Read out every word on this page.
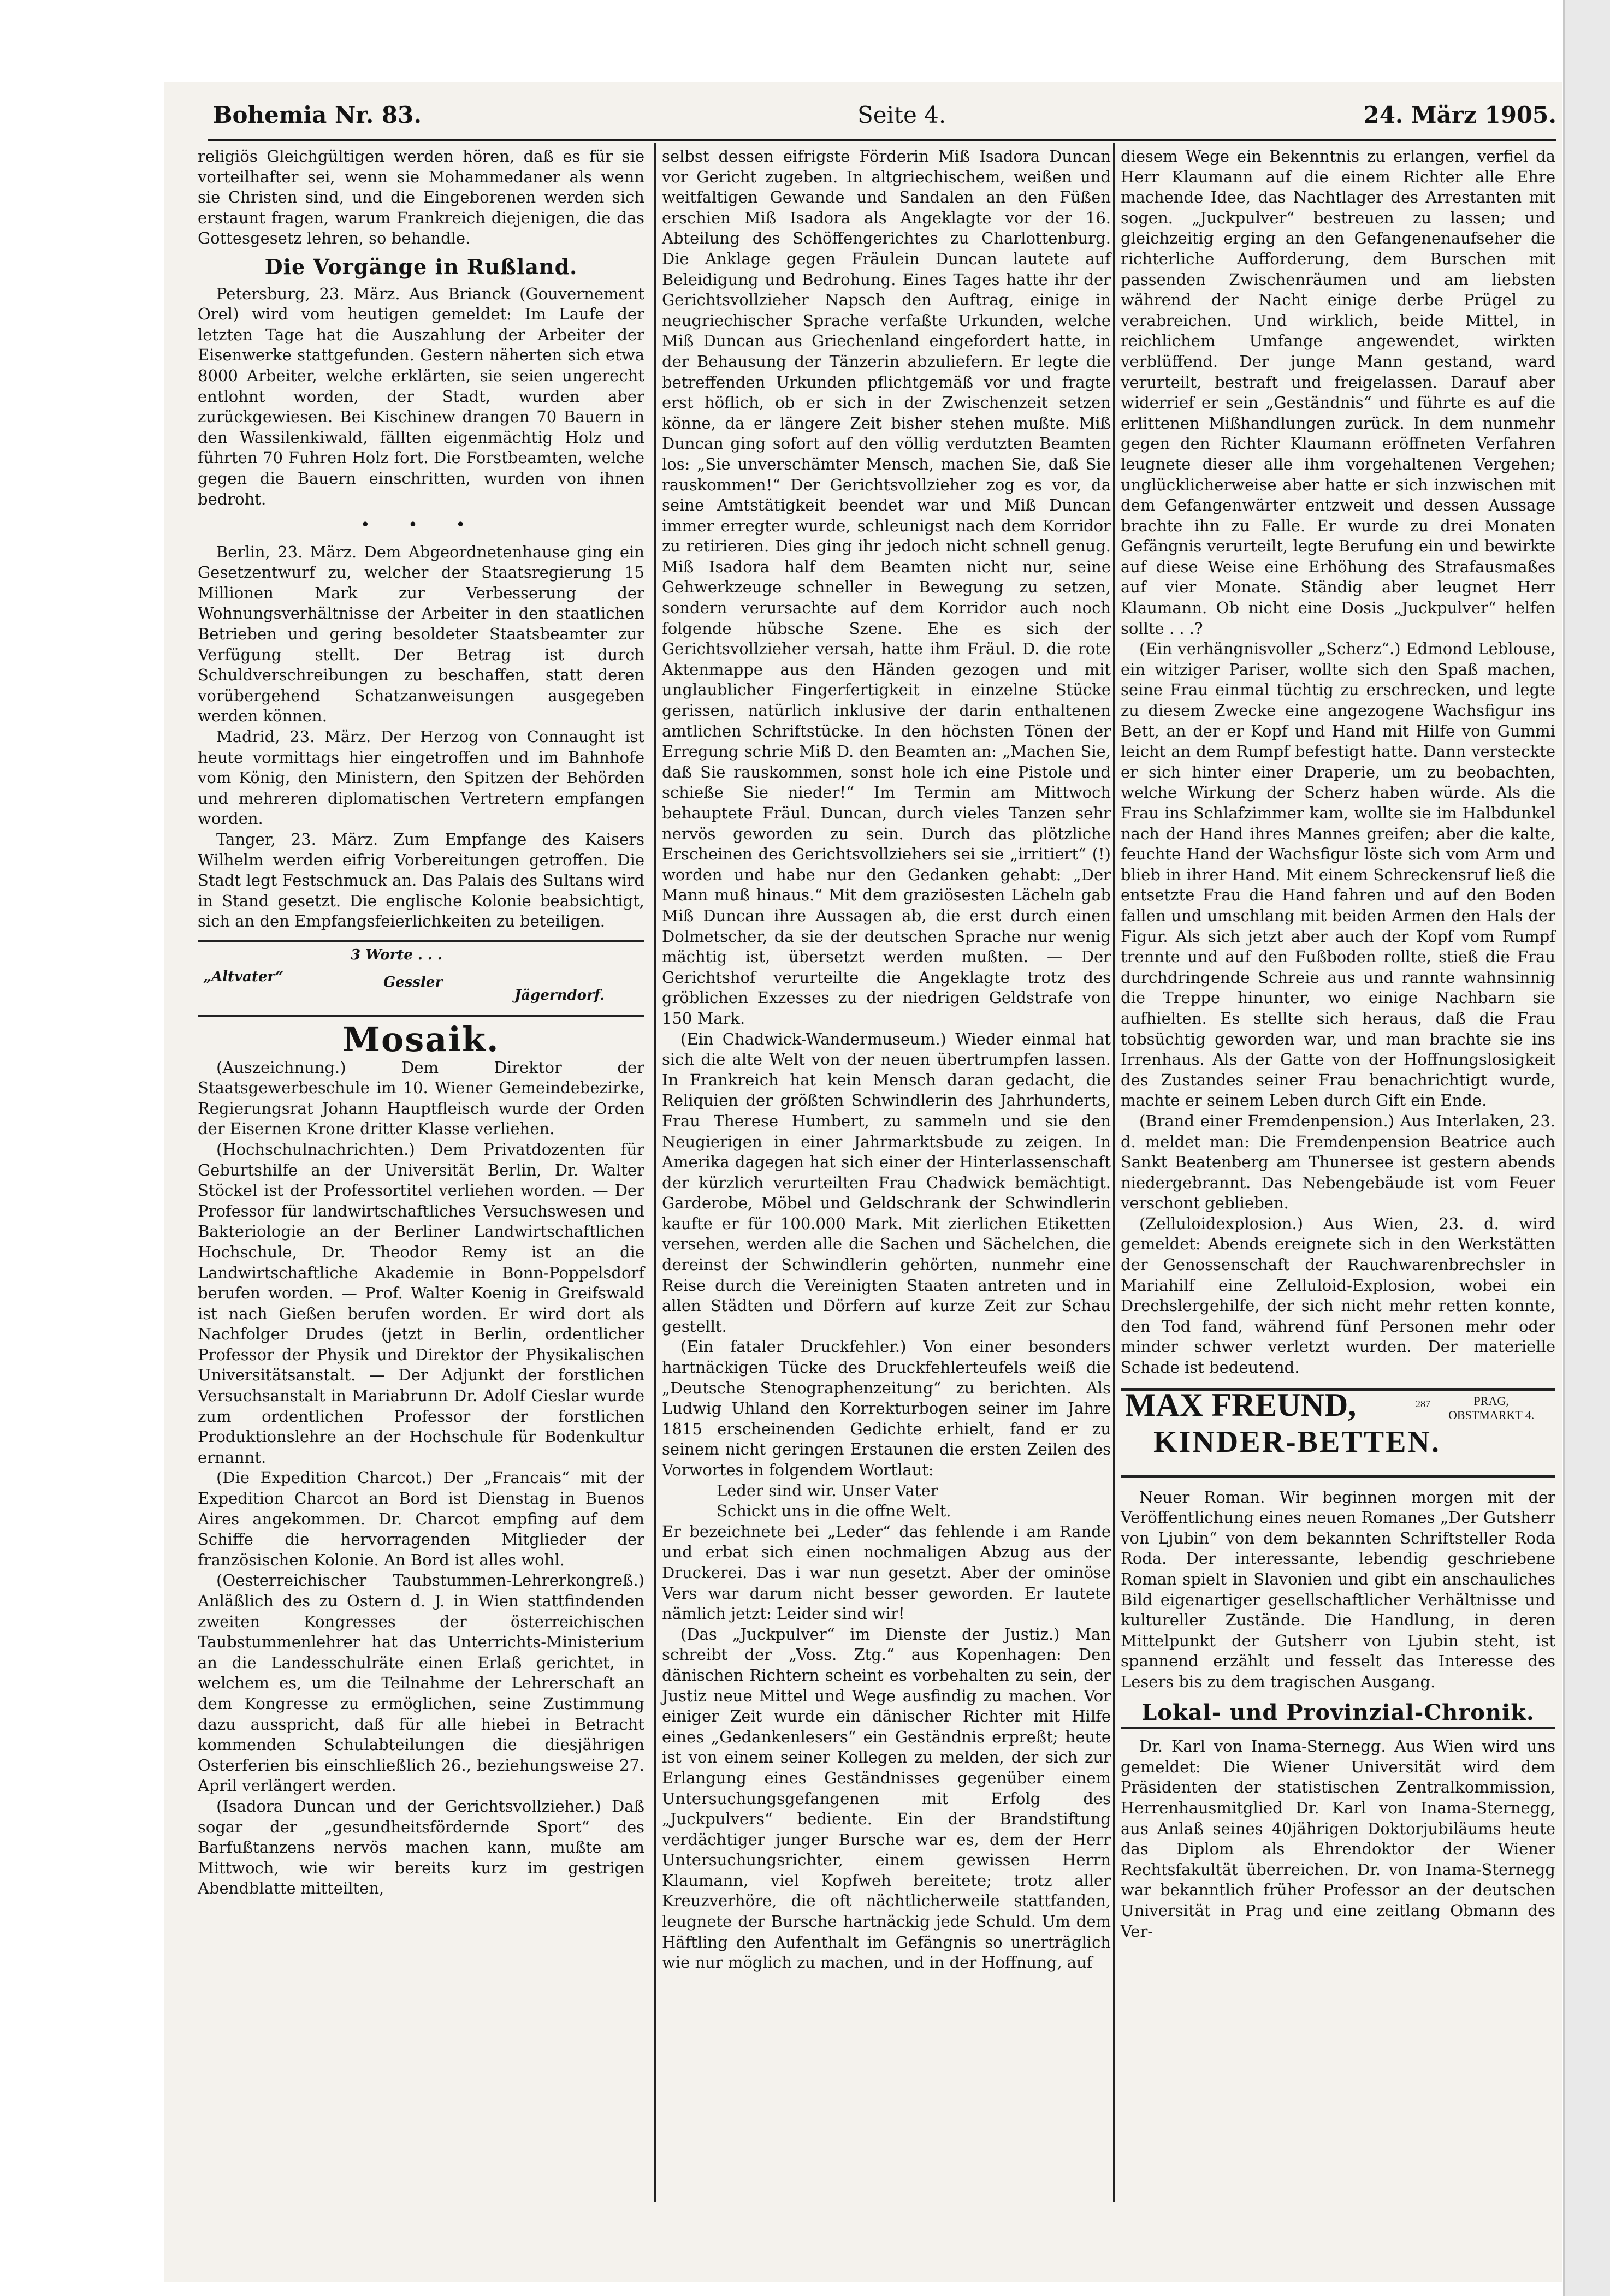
Bohemia Nr. 83.	Seite 4.	24. März 1905.

religiös Gleichgültigen werden hören, daß es für sie vorteilhafter sei, wenn sie Mohammedaner als wenn sie Christen sind, und die Eingeborenen werden sich erstaunt fragen, warum Frankreich diejenigen, die das Gottesgesetz lehren, so behandle.

Die Vorgänge in Rußland.

Petersburg, 23. März. Aus Brianck (Gouvernement Orel) wird vom heutigen gemeldet: Im Laufe der letzten Tage hat die Auszahlung der Arbeiter der Eisenwerke stattgefunden. Gestern näherten sich etwa 8000 Arbeiter, welche erklärten, sie seien ungerecht entlohnt worden, der Stadt, wurden aber zurückgewiesen. Bei Kischinew drangen 70 Bauern in den Wassilenkiwald, fällten eigenmächtig Holz und führten 70 Fuhren Holz fort. Die Forstbeamten, welche gegen die Bauern einschritten, wurden von ihnen bedroht.

• • •

Berlin, 23. März. Dem Abgeordnetenhause ging ein Gesetzentwurf zu, welcher der Staatsregierung 15 Millionen Mark zur Verbesserung der Wohnungsverhältnisse der Arbeiter in den staatlichen Betrieben und gering besoldeter Staatsbeamter zur Verfügung stellt. Der Betrag ist durch Schuldverschreibungen zu beschaffen, statt deren vorübergehend Schatzanweisungen ausgegeben werden können.

Madrid, 23. März. Der Herzog von Connaught ist heute vormittags hier eingetroffen und im Bahnhofe vom König, den Ministern, den Spitzen der Behörden und mehreren diplomatischen Vertretern empfangen worden.

Tanger, 23. März. Zum Empfange des Kaisers Wilhelm werden eifrig Vorbereitungen getroffen. Die Stadt legt Festschmuck an. Das Palais des Sultans wird in Stand gesetzt. Die englische Kolonie beabsichtigt, sich an den Empfangsfeierlichkeiten zu beteiligen.

3 Worte . . .
„Altvater“	Gessler
Jägerndorf.
Mosaik.

(Auszeichnung.) Dem Direktor der Staatsgewerbeschule im 10. Wiener Gemeindebezirke, Regierungsrat Johann Hauptfleisch wurde der Orden der Eisernen Krone dritter Klasse verliehen.

(Hochschulnachrichten.) Dem Privatdozenten für Geburtshilfe an der Universität Berlin, Dr. Walter Stöckel ist der Professortitel verliehen worden. — Der Professor für landwirtschaftliches Versuchswesen und Bakteriologie an der Berliner Landwirtschaftlichen Hochschule, Dr. Theodor Remy ist an die Landwirtschaftliche Akademie in Bonn-Poppelsdorf berufen worden. — Prof. Walter Koenig in Greifswald ist nach Gießen berufen worden. Er wird dort als Nachfolger Drudes (jetzt in Berlin, ordentlicher Professor der Physik und Direktor der Physikalischen Universitätsanstalt. — Der Adjunkt der forstlichen Versuchsanstalt in Mariabrunn Dr. Adolf Cieslar wurde zum ordentlichen Professor der forstlichen Produktionslehre an der Hochschule für Bodenkultur ernannt.

(Die Expedition Charcot.) Der „Francais“ mit der Expedition Charcot an Bord ist Dienstag in Buenos Aires angekommen. Dr. Charcot empfing auf dem Schiffe die hervorragenden Mitglieder der französischen Kolonie. An Bord ist alles wohl.

(Oesterreichischer Taubstummen-Lehrerkongreß.) Anläßlich des zu Ostern d. J. in Wien stattfindenden zweiten Kongresses der österreichischen Taubstummenlehrer hat das Unterrichts-Ministerium an die Landesschulräte einen Erlaß gerichtet, in welchem es, um die Teilnahme der Lehrerschaft an dem Kongresse zu ermöglichen, seine Zustimmung dazu ausspricht, daß für alle hiebei in Betracht kommenden Schulabteilungen die diesjährigen Osterferien bis einschließlich 26., beziehungsweise 27. April verlängert werden.

(Isadora Duncan und der Gerichtsvollzieher.) Daß sogar der „gesundheitsfördernde Sport“ des Barfußtanzens nervös machen kann, mußte am Mittwoch, wie wir bereits kurz im gestrigen Abendblatte mitteilten,

selbst dessen eifrigste Förderin Miß Isadora Duncan vor Gericht zugeben. In altgriechischem, weißen und weitfaltigen Gewande und Sandalen an den Füßen erschien Miß Isadora als Angeklagte vor der 16. Abteilung des Schöffengerichtes zu Charlottenburg. Die Anklage gegen Fräulein Duncan lautete auf Beleidigung und Bedrohung. Eines Tages hatte ihr der Gerichtsvollzieher Napsch den Auftrag, einige in neugriechischer Sprache verfaßte Urkunden, welche Miß Duncan aus Griechenland eingefordert hatte, in der Behausung der Tänzerin abzuliefern. Er legte die betreffenden Urkunden pflichtgemäß vor und fragte erst höflich, ob er sich in der Zwischenzeit setzen könne, da er längere Zeit bisher stehen mußte. Miß Duncan ging sofort auf den völlig verdutzten Beamten los: „Sie unverschämter Mensch, machen Sie, daß Sie rauskommen!“ Der Gerichtsvollzieher zog es vor, da seine Amtstätigkeit beendet war und Miß Duncan immer erregter wurde, schleunigst nach dem Korridor zu retirieren. Dies ging ihr jedoch nicht schnell genug. Miß Isadora half dem Beamten nicht nur, seine Gehwerkzeuge schneller in Bewegung zu setzen, sondern verursachte auf dem Korridor auch noch folgende hübsche Szene. Ehe es sich der Gerichtsvollzieher versah, hatte ihm Fräul. D. die rote Aktenmappe aus den Händen gezogen und mit unglaublicher Fingerfertigkeit in einzelne Stücke gerissen, natürlich inklusive der darin enthaltenen amtlichen Schriftstücke. In den höchsten Tönen der Erregung schrie Miß D. den Beamten an: „Machen Sie, daß Sie rauskommen, sonst hole ich eine Pistole und schieße Sie nieder!“ Im Termin am Mittwoch behauptete Fräul. Duncan, durch vieles Tanzen sehr nervös geworden zu sein. Durch das plötzliche Erscheinen des Gerichtsvollziehers sei sie „irritiert“ (!) worden und habe nur den Gedanken gehabt: „Der Mann muß hinaus.“ Mit dem graziösesten Lächeln gab Miß Duncan ihre Aussagen ab, die erst durch einen Dolmetscher, da sie der deutschen Sprache nur wenig mächtig ist, übersetzt werden mußten. — Der Gerichtshof verurteilte die Angeklagte trotz des gröblichen Exzesses zu der niedrigen Geldstrafe von 150 Mark.

(Ein Chadwick-Wandermuseum.) Wieder einmal hat sich die alte Welt von der neuen übertrumpfen lassen. In Frankreich hat kein Mensch daran gedacht, die Reliquien der größten Schwindlerin des Jahrhunderts, Frau Therese Humbert, zu sammeln und sie den Neugierigen in einer Jahrmarktsbude zu zeigen. In Amerika dagegen hat sich einer der Hinterlassenschaft der kürzlich verurteilten Frau Chadwick bemächtigt. Garderobe, Möbel und Geldschrank der Schwindlerin kaufte er für 100.000 Mark. Mit zierlichen Etiketten versehen, werden alle die Sachen und Sächelchen, die dereinst der Schwindlerin gehörten, nunmehr eine Reise durch die Vereinigten Staaten antreten und in allen Städten und Dörfern auf kurze Zeit zur Schau gestellt.

(Ein fataler Druckfehler.) Von einer besonders hartnäckigen Tücke des Druckfehlerteufels weiß die „Deutsche Stenographenzeitung“ zu berichten. Als Ludwig Uhland den Korrekturbogen seiner im Jahre 1815 erscheinenden Gedichte erhielt, fand er zu seinem nicht geringen Erstaunen die ersten Zeilen des Vorwortes in folgendem Wortlaut:

Leder sind wir. Unser Vater

Schickt uns in die offne Welt.

Er bezeichnete bei „Leder“ das fehlende i am Rande und erbat sich einen nochmaligen Abzug aus der Druckerei. Das i war nun gesetzt. Aber der ominöse Vers war darum nicht besser geworden. Er lautete nämlich jetzt: Leider sind wir!

(Das „Juckpulver“ im Dienste der Justiz.) Man schreibt der „Voss. Ztg.“ aus Kopenhagen: Den dänischen Richtern scheint es vorbehalten zu sein, der Justiz neue Mittel und Wege ausfindig zu machen. Vor einiger Zeit wurde ein dänischer Richter mit Hilfe eines „Gedankenlesers“ ein Geständnis erpreßt; heute ist von einem seiner Kollegen zu melden, der sich zur Erlangung eines Geständnisses gegenüber einem Untersuchungsgefangenen mit Erfolg des „Juckpulvers“ bediente. Ein der Brandstiftung verdächtiger junger Bursche war es, dem der Herr Untersuchungsrichter, einem gewissen Herrn Klaumann, viel Kopfweh bereitete; trotz aller Kreuzverhöre, die oft nächtlicherweile stattfanden, leugnete der Bursche hartnäckig jede Schuld. Um dem Häftling den Aufenthalt im Gefängnis so unerträglich wie nur möglich zu machen, und in der Hoffnung, auf

diesem Wege ein Bekenntnis zu erlangen, verfiel da Herr Klaumann auf die einem Richter alle Ehre machende Idee, das Nachtlager des Arrestanten mit sogen. „Juckpulver“ bestreuen zu lassen; und gleichzeitig erging an den Gefangenenaufseher die richterliche Aufforderung, dem Burschen mit passenden Zwischenräumen und am liebsten während der Nacht einige derbe Prügel zu verabreichen. Und wirklich, beide Mittel, in reichlichem Umfange angewendet, wirkten verblüffend. Der junge Mann gestand, ward verurteilt, bestraft und freigelassen. Darauf aber widerrief er sein „Geständnis“ und führte es auf die erlittenen Mißhandlungen zurück. In dem nunmehr gegen den Richter Klaumann eröffneten Verfahren leugnete dieser alle ihm vorgehaltenen Vergehen; unglücklicherweise aber hatte er sich inzwischen mit dem Gefangenwärter entzweit und dessen Aussage brachte ihn zu Falle. Er wurde zu drei Monaten Gefängnis verurteilt, legte Berufung ein und bewirkte auf diese Weise eine Erhöhung des Strafausmaßes auf vier Monate. Ständig aber leugnet Herr Klaumann. Ob nicht eine Dosis „Juckpulver“ helfen sollte . . .?

(Ein verhängnisvoller „Scherz“.) Edmond Leblouse, ein witziger Pariser, wollte sich den Spaß machen, seine Frau einmal tüchtig zu erschrecken, und legte zu diesem Zwecke eine angezogene Wachsfigur ins Bett, an der er Kopf und Hand mit Hilfe von Gummi leicht an dem Rumpf befestigt hatte. Dann versteckte er sich hinter einer Draperie, um zu beobachten, welche Wirkung der Scherz haben würde. Als die Frau ins Schlafzimmer kam, wollte sie im Halbdunkel nach der Hand ihres Mannes greifen; aber die kalte, feuchte Hand der Wachsfigur löste sich vom Arm und blieb in ihrer Hand. Mit einem Schreckensruf ließ die entsetzte Frau die Hand fahren und auf den Boden fallen und umschlang mit beiden Armen den Hals der Figur. Als sich jetzt aber auch der Kopf vom Rumpf trennte und auf den Fußboden rollte, stieß die Frau durchdringende Schreie aus und rannte wahnsinnig die Treppe hinunter, wo einige Nachbarn sie aufhielten. Es stellte sich heraus, daß die Frau tobsüchtig geworden war, und man brachte sie ins Irrenhaus. Als der Gatte von der Hoffnungslosigkeit des Zustandes seiner Frau benachrichtigt wurde, machte er seinem Leben durch Gift ein Ende.

(Brand einer Fremdenpension.) Aus Interlaken, 23. d. meldet man: Die Fremdenpension Beatrice auch Sankt Beatenberg am Thunersee ist gestern abends niedergebrannt. Das Nebengebäude ist vom Feuer verschont geblieben.

(Zelluloidexplosion.) Aus Wien, 23. d. wird gemeldet: Abends ereignete sich in den Werkstätten der Genossenschaft der Rauchwarenbrechsler in Mariahilf eine Zelluloid-Explosion, wobei ein Drechslergehilfe, der sich nicht mehr retten konnte, den Tod fand, während fünf Personen mehr oder minder schwer verletzt wurden. Der materielle Schade ist bedeutend.

MAX FREUND,	287	PRAG,
OBSTMARKT 4.
KINDER-BETTEN.

Neuer Roman. Wir beginnen morgen mit der Veröffentlichung eines neuen Romanes „Der Gutsherr von Ljubin“ von dem bekannten Schriftsteller Roda Roda. Der interessante, lebendig geschriebene Roman spielt in Slavonien und gibt ein anschauliches Bild eigenartiger gesellschaftlicher Verhältnisse und kultureller Zustände. Die Handlung, in deren Mittelpunkt der Gutsherr von Ljubin steht, ist spannend erzählt und fesselt das Interesse des Lesers bis zu dem tragischen Ausgang.

Lokal- und Provinzial-Chronik.

Dr. Karl von Inama-Sternegg. Aus Wien wird uns gemeldet: Die Wiener Universität wird dem Präsidenten der statistischen Zentralkommission, Herrenhausmitglied Dr. Karl von Inama-Sternegg, aus Anlaß seines 40jährigen Doktorjubiläums heute das Diplom als Ehrendoktor der Wiener Rechtsfakultät überreichen. Dr. von Inama-Sternegg war bekanntlich früher Professor an der deutschen Universität in Prag und eine zeitlang Obmann des Ver-
